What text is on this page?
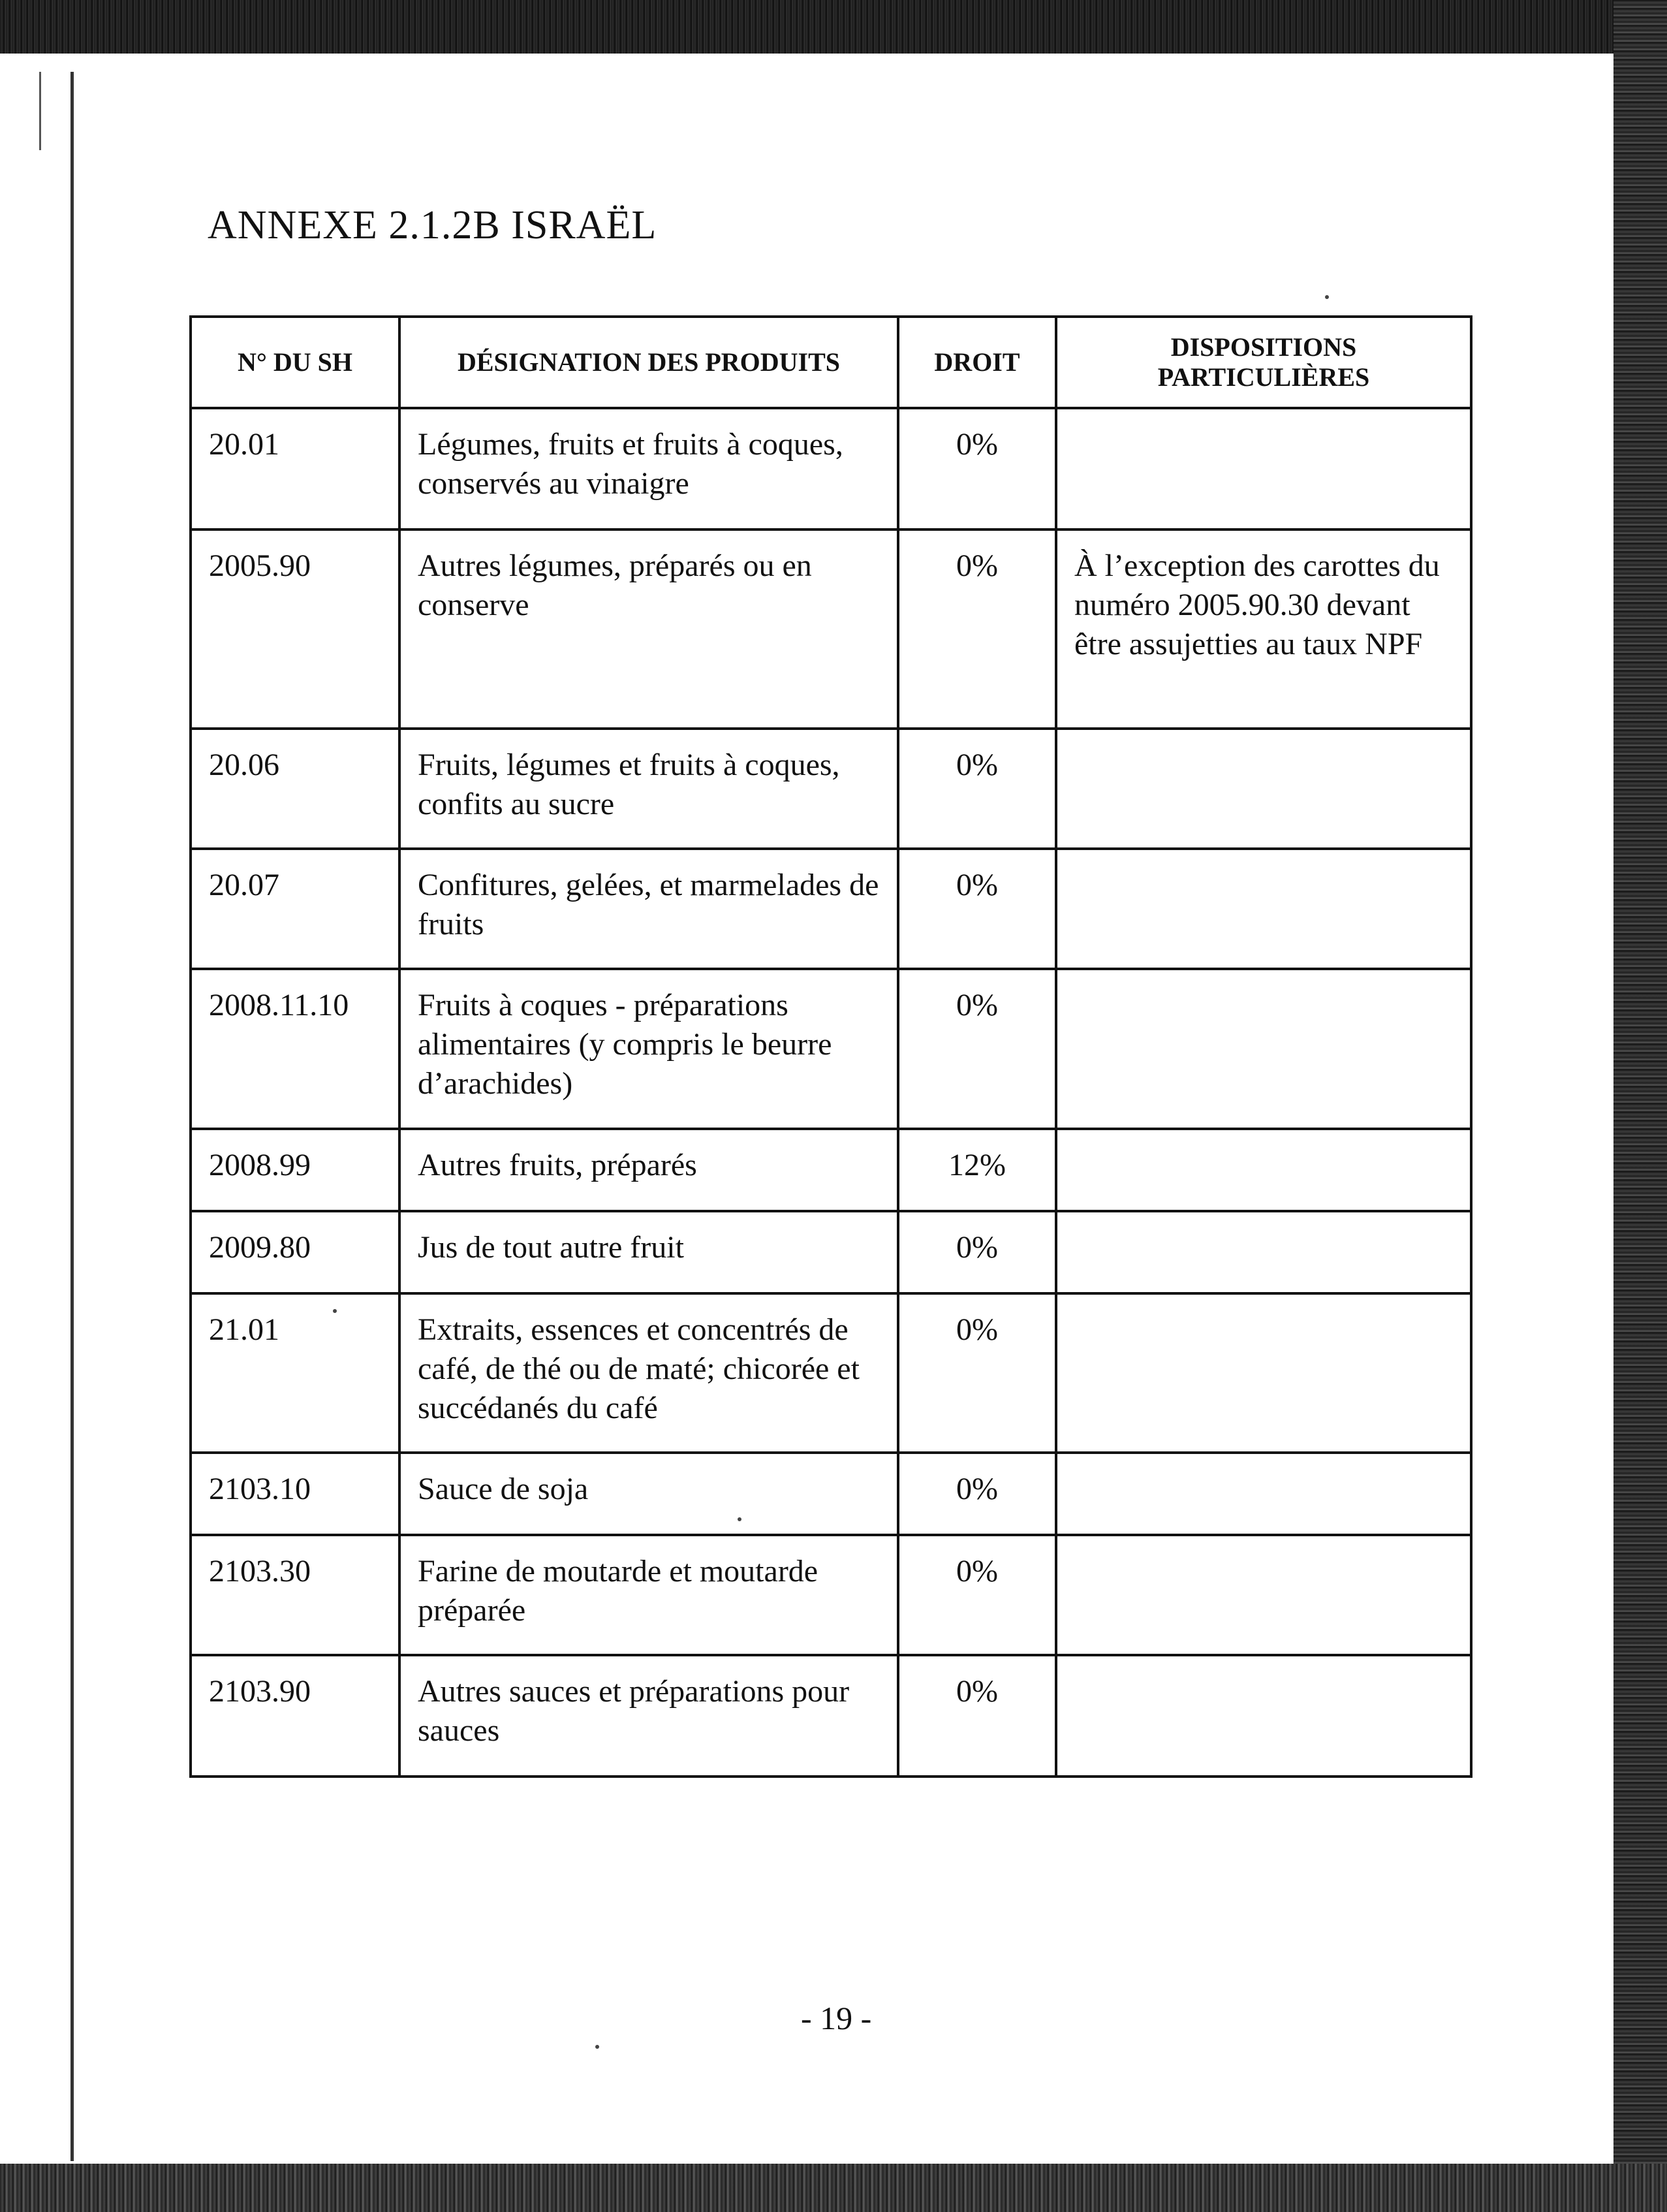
ANNEXE 2.1.2B ISRAËL
N° DU SH	DÉSIGNATION DES PRODUITS	DROIT	DISPOSITIONS PARTICULIÈRES
20.01	Légumes, fruits et fruits à coques, conservés au vinaigre	0%	
2005.90	Autres légumes, préparés ou en conserve	0%	À l’exception des carottes du numéro 2005.90.30 devant être assujetties au taux NPF
20.06	Fruits, légumes et fruits à coques, confits au sucre	0%	
20.07	Confitures, gelées, et marmelades de fruits	0%	
2008.11.10	Fruits à coques - préparations alimentaires (y compris le beurre d’arachides)	0%	
2008.99	Autres fruits, préparés	12%	
2009.80	Jus de tout autre fruit	0%	
21.01	Extraits, essences et concentrés de café, de thé ou de maté; chicorée et succédanés du café	0%	
2103.10	Sauce de soja	0%	
2103.30	Farine de moutarde et moutarde préparée	0%	
2103.90	Autres sauces et préparations pour sauces	0%	
- 19 -
